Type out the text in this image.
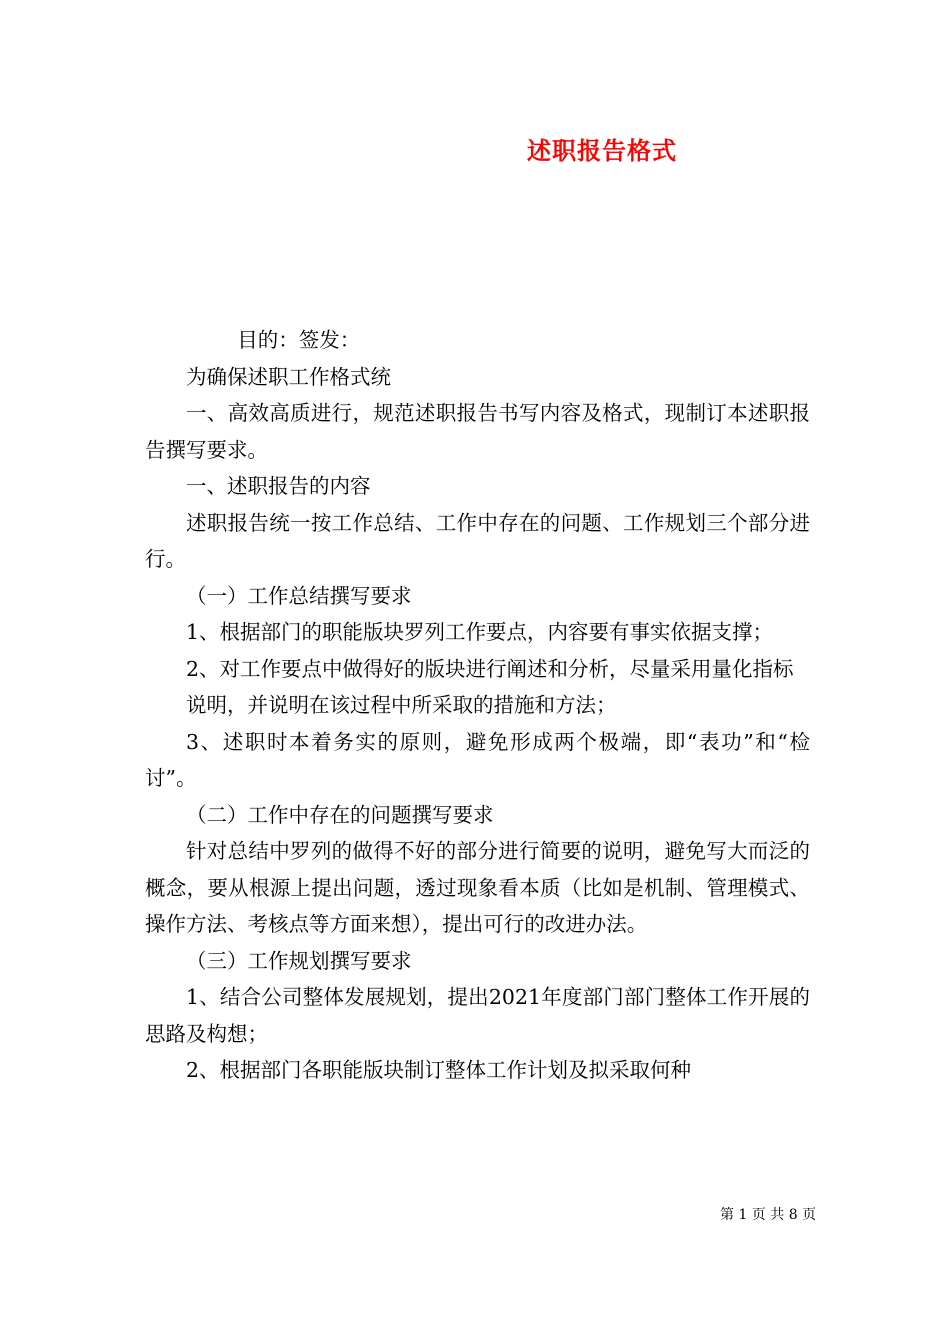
述职报告格式

目的：签发：

为确保述职工作格式统

一、高效高质进行，规范述职报告书写内容及格式，现制订本述职报告撰写要求。

一、述职报告的内容

述职报告统一按工作总结、工作中存在的问题、工作规划三个部分进行。

（一）工作总结撰写要求

1、根据部门的职能版块罗列工作要点，内容要有事实依据支撑；

2、对工作要点中做得好的版块进行阐述和分析，尽量采用量化指标

说明，并说明在该过程中所采取的措施和方法；

3、述职时本着务实的原则，避免形成两个极端，即“表功”和“检讨”。

（二）工作中存在的问题撰写要求

针对总结中罗列的做得不好的部分进行简要的说明，避免写大而泛的概念，要从根源上提出问题，透过现象看本质（比如是机制、管理模式、操作方法、考核点等方面来想），提出可行的改进办法。

（三）工作规划撰写要求

1、结合公司整体发展规划，提出2021年度部门部门整体工作开展的思路及构想；

2、根据部门各职能版块制订整体工作计划及拟采取何种

第 1 页 共 8 页
